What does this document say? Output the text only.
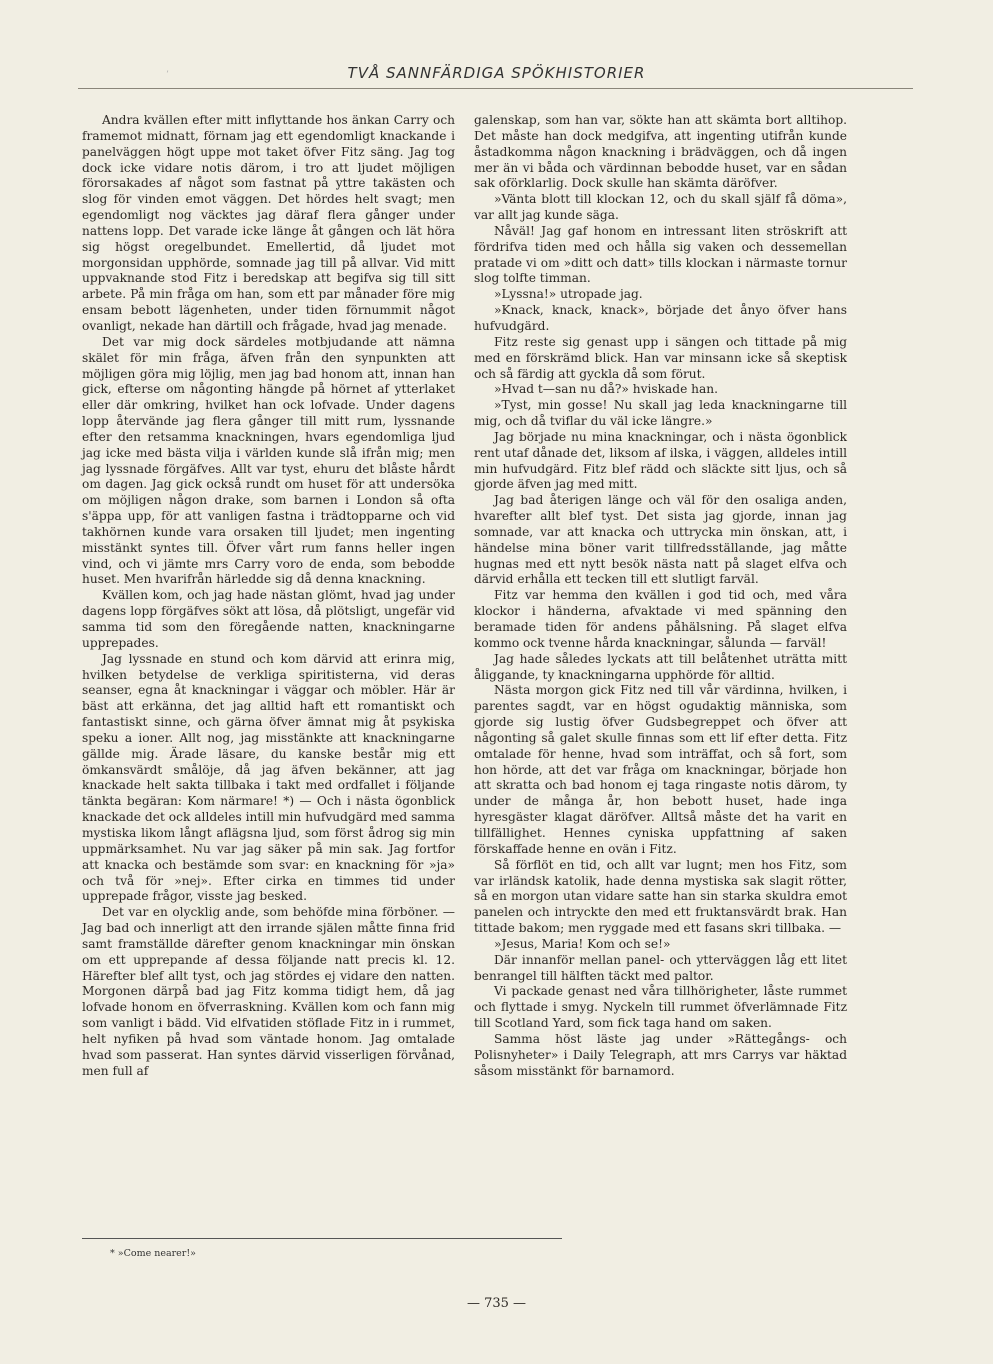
ʼ	TVÅ SANNFÄRDIGA SPÖKHISTORIER

Andra kvällen efter mitt inflyttande hos änkan Carry och framemot midnatt, förnam jag ett egendomligt knackande i panelväggen högt uppe mot taket öfver Fitz säng. Jag tog dock icke vidare notis därom, i tro att ljudet möjligen förorsakades af något som fastnat på yttre takästen och slog för vinden emot väggen. Det hördes helt svagt; men egendomligt nog väcktes jag däraf flera gånger under nattens lopp. Det varade icke länge åt gången och lät höra sig högst oregelbundet. Emellertid, då ljudet mot morgonsidan upphörde, somnade jag till på allvar. Vid mitt uppvaknande stod Fitz i beredskap att begifva sig till sitt arbete. På min fråga om han, som ett par månader före mig ensam bebott lägenheten, under tiden förnummit något ovanligt, nekade han därtill och frågade, hvad jag menade.

Det var mig dock särdeles motbjudande att nämna skälet för min fråga, äfven från den synpunkten att möjligen göra mig löjlig, men jag bad honom att, innan han gick, efterse om någonting hängde på hörnet af ytterlaket eller där omkring, hvilket han ock lofvade. Under dagens lopp återvände jag flera gånger till mitt rum, lyssnande efter den retsamma knackningen, hvars egendomliga ljud jag icke med bästa vilja i världen kunde slå ifrån mig; men jag lyssnade förgäfves. Allt var tyst, ehuru det blåste hårdt om dagen. Jag gick också rundt om huset för att undersöka om möjligen någon drake, som barnen i London så ofta s'äppa upp, för att vanligen fastna i trädtopparne och vid takhörnen kunde vara orsaken till ljudet; men ingenting misstänkt syntes till. Öfver vårt rum fanns heller ingen vind, och vi jämte mrs Carry voro de enda, som bebodde huset. Men hvarifrån härledde sig då denna knackning.

Kvällen kom, och jag hade nästan glömt, hvad jag under dagens lopp förgäfves sökt att lösa, då plötsligt, ungefär vid samma tid som den föregående natten, knackningarne upprepades.

Jag lyssnade en stund och kom därvid att erinra mig, hvilken betydelse de verkliga spiritisterna, vid deras seanser, egna åt knackningar i väggar och möbler. Här är bäst att erkänna, det jag alltid haft ett romantiskt och fantastiskt sinne, och gärna öfver ämnat mig åt psykiska speku a ioner. Allt nog, jag misstänkte att knackningarne gällde mig. Ärade läsare, du kanske består mig ett ömkansvärdt smålöje, då jag äfven bekänner, att jag knackade helt sakta tillbaka i takt med ordfallet i följande tänkta begäran: Kom närmare! *) — Och i nästa ögonblick knackade det ock alldeles intill min hufvudgärd med samma mystiska likom långt aflägsna ljud, som först ådrog sig min uppmärksamhet. Nu var jag säker på min sak. Jag fortfor att knacka och bestämde som svar: en knackning för »ja» och två för »nej». Efter cirka en timmes tid under upprepade frågor, visste jag besked.

Det var en olycklig ande, som behöfde mina förböner. — Jag bad och innerligt att den irrande själen måtte finna frid samt framställde därefter genom knackningar min önskan om ett upprepande af dessa följande natt precis kl. 12. Härefter blef allt tyst, och jag stördes ej vidare den natten. Morgonen därpå bad jag Fitz komma tidigt hem, då jag lofvade honom en öfverraskning. Kvällen kom och fann mig som vanligt i bädd. Vid elfvatiden stöflade Fitz in i rummet, helt nyfiken på hvad som väntade honom. Jag omtalade hvad som passerat. Han syntes därvid visserligen förvånad, men full af

galenskap, som han var, sökte han att skämta bort alltihop. Det måste han dock medgifva, att ingenting utifrån kunde åstadkomma någon knackning i brädväggen, och då ingen mer än vi båda och värdinnan bebodde huset, var en sådan sak oförklarlig. Dock skulle han skämta däröfver.

»Vänta blott till klockan 12, och du skall själf få döma», var allt jag kunde säga.

Nåväl! Jag gaf honom en intressant liten ströskrift att fördrifva tiden med och hålla sig vaken och dessemellan pratade vi om »ditt och datt» tills klockan i närmaste tornur slog tolfte timman.

»Lyssna!» utropade jag.

»Knack, knack, knack», började det ånyo öfver hans hufvudgärd.

Fitz reste sig genast upp i sängen och tittade på mig med en förskrämd blick. Han var minsann icke så skeptisk och så färdig att gyckla då som förut.

»Hvad t—san nu då?» hviskade han.

»Tyst, min gosse! Nu skall jag leda knackningarne till mig, och då tviflar du väl icke längre.»

Jag började nu mina knackningar, och i nästa ögonblick rent utaf dånade det, liksom af ilska, i väggen, alldeles intill min hufvudgärd. Fitz blef rädd och släckte sitt ljus, och så gjorde äfven jag med mitt.

Jag bad återigen länge och väl för den osaliga anden, hvarefter allt blef tyst. Det sista jag gjorde, innan jag somnade, var att knacka och uttrycka min önskan, att, i händelse mina böner varit tillfredsställande, jag måtte hugnas med ett nytt besök nästa natt på slaget elfva och därvid erhålla ett tecken till ett slutligt farväl.

Fitz var hemma den kvällen i god tid och, med våra klockor i händerna, afvaktade vi med spänning den beramade tiden för andens påhälsning. På slaget elfva kommo ock tvenne hårda knackningar, sålunda — farväl!

Jag hade således lyckats att till belåtenhet uträtta mitt åliggande, ty knackningarna upphörde för alltid.

Nästa morgon gick Fitz ned till vår värdinna, hvilken, i parentes sagdt, var en högst ogudaktig människa, som gjorde sig lustig öfver Gudsbegreppet och öfver att någonting så galet skulle finnas som ett lif efter detta. Fitz omtalade för henne, hvad som inträffat, och så fort, som hon hörde, att det var fråga om knackningar, började hon att skratta och bad honom ej taga ringaste notis därom, ty under de många år, hon bebott huset, hade inga hyresgäster klagat däröfver. Alltså måste det ha varit en tillfällighet. Hennes cyniska uppfattning af saken förskaffade henne en ovän i Fitz.

Så förflöt en tid, och allt var lugnt; men hos Fitz, som var irländsk katolik, hade denna mystiska sak slagit rötter, så en morgon utan vidare satte han sin starka skuldra emot panelen och intryckte den med ett fruktansvärdt brak. Han tittade bakom; men ryggade med ett fasans skri tillbaka. —

»Jesus, Maria! Kom och se!»

Där innanför mellan panel- och ytterväggen låg ett litet benrangel till hälften täckt med paltor.

Vi packade genast ned våra tillhörigheter, låste rummet och flyttade i smyg. Nyckeln till rummet öfverlämnade Fitz till Scotland Yard, som fick taga hand om saken.

Samma höst läste jag under »Rättegångs- och Polisnyheter» i Daily Telegraph, att mrs Carrys var häktad såsom misstänkt för barnamord.

* »Come nearer!»
— 735 —
